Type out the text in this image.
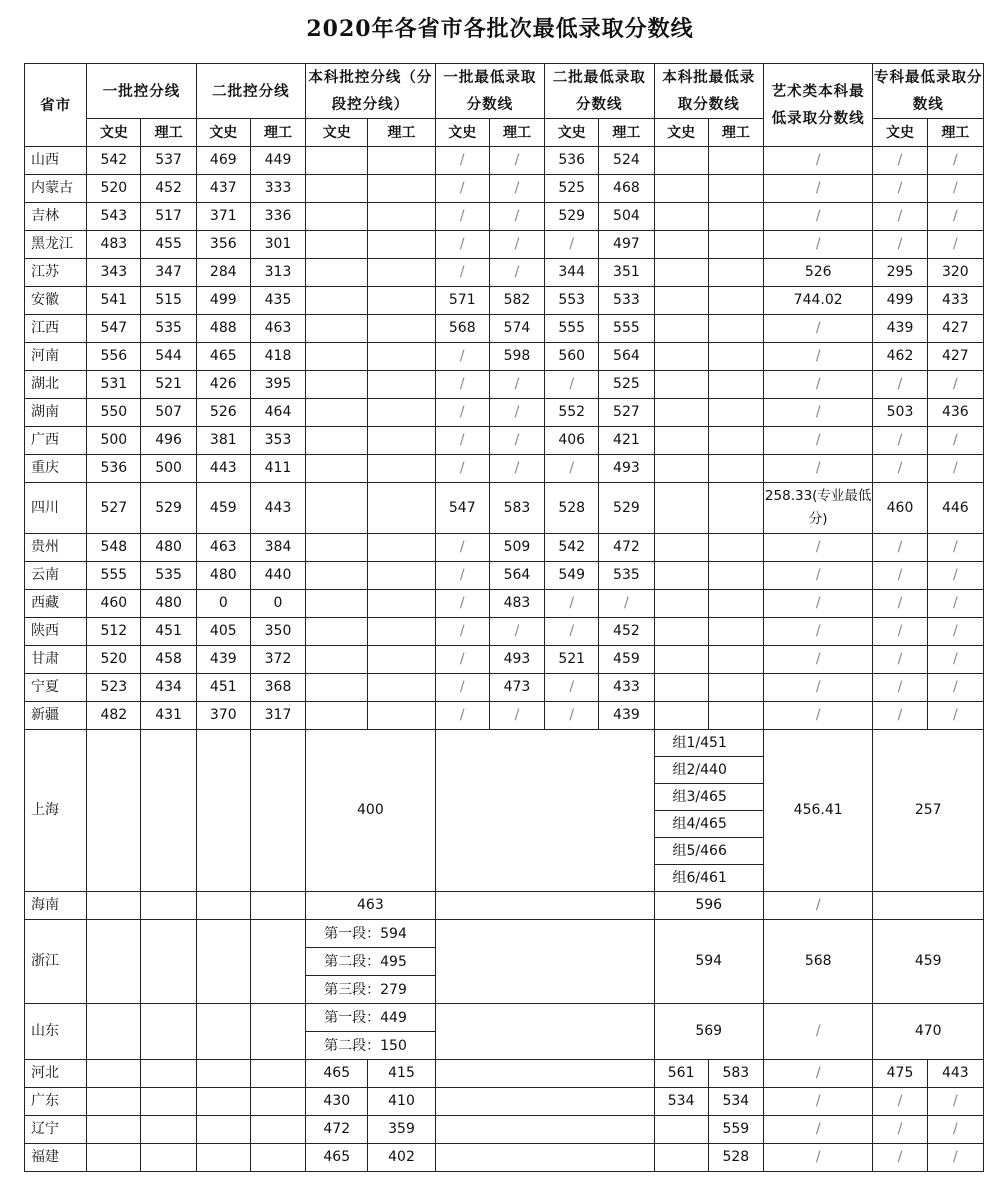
2020年各省市各批次最低录取分数线
省市	一批控分线		二批控分线		本科批控分线（分段控分线）		一批最低录取分数线		二批最低录取分数线		本科批最低录取分数线		艺术类本科最低录取分数线	专科最低录取分数线	
	文史	理工	文史	理工	文史	理工	文史	理工	文史	理工	文史	理工		文史	理工
山西	542	537	469	449			/	/	536	524			/	/	/
内蒙古	520	452	437	333			/	/	525	468			/	/	/
吉林	543	517	371	336			/	/	529	504			/	/	/
黑龙江	483	455	356	301			/	/	/	497			/	/	/
江苏	343	347	284	313			/	/	344	351			526	295	320
安徽	541	515	499	435			571	582	553	533			744.02	499	433
江西	547	535	488	463			568	574	555	555			/	439	427
河南	556	544	465	418			/	598	560	564			/	462	427
湖北	531	521	426	395			/	/	/	525			/	/	/
湖南	550	507	526	464			/	/	552	527			/	503	436
广西	500	496	381	353			/	/	406	421			/	/	/
重庆	536	500	443	411			/	/	/	493			/	/	/
四川	527	529	459	443			547	583	528	529			258.33(专业最低分)	460	446
贵州	548	480	463	384			/	509	542	472			/	/	/
云南	555	535	480	440			/	564	549	535			/	/	/
西藏	460	480	0	0			/	483	/	/			/	/	/
陕西	512	451	405	350			/	/	/	452			/	/	/
甘肃	520	458	439	372			/	493	521	459			/	/	/
宁夏	523	434	451	368			/	473	/	433			/	/	/
新疆	482	431	370	317			/	/	/	439			/	/	/
上海					400						组1/451		456.41	257	
											组2/440				
											组3/465				
											组4/465				
											组5/466				
											组6/461				
海南					463						596		/		
浙江					第一段：594						594		568	459	
					第二段：495										
					第三段：279										
山东					第一段：449						569		/	470	
					第二段：150										
河北					465	415					561	583	/	475	443
广东					430	410					534	534	/	/	/
辽宁					472	359						559	/	/	/
福建					465	402						528	/	/	/
